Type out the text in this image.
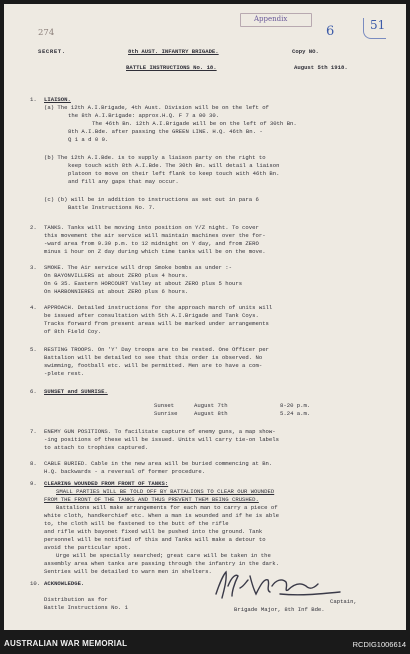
274
Appendix
6	51
SECRET.	8th AUST. INFANTRY BRIGADE.	Copy NO.
August 5th 1918.
BATTLE INSTRUCTIONS No. 18.
1. LIAISON.
(a) The 12th A.I.Brigade, 4th Aust. Division will be on the left of
the 8th A.I.Brigade: approx.H.Q. F 7 a 00 30.
The 46th Bn. 12th A.I.Brigade will be on the left of 30th Bn.
8th A.I.Bde. after passing the GREEN LINE. H.Q. 46th Bn. -
Q 1 a d 0 0.
(b) The 12th A.I.Bde. is to supply a liaison party on the right to
keep touch with 8th A.I.Bde. The 30th Bn. will detail a liaison
platoon to move on their left flank to keep touch with 46th Bn.
and fill any gaps that may occur.
(c) (b) will be in addition to instructions as set out in para 6
Battle Instructions No. 7.
2. TANKS. Tanks will be moving into position on Y/Z night. To cover
this movement the air service will maintain machines over the for-
-ward area from 9.30 p.m. to 12 midnight on Y day, and from ZERO
minus 1 hour on Z day during which time tanks will be on the move.
3. SMOKE. The Air service will drop Smoke bombs as under :-
On BAYONVILLERS at about ZERO plus 4 hours.
On G 35. Eastern HORCOURT Valley at about ZERO plus 5 hours
On HARBONNIERES at about ZERO plus 6 hours.
4. APPROACH. Detailed instructions for the approach march of units will
be issued after consultation with 5th A.I.Brigade and Tank Coys.
Tracks forward from present areas will be marked under arrangements
of 8th Field Coy.
5. RESTING TROOPS. On 'Y' Day troops are to be rested. One Officer per
Battalion will be detailed to see that this order is observed. No
swimming, football etc. will be permitted. Men are to have a com-
-plete rest.
6. SUNSET and SUNRISE.
Sunset	August 7th	8-20 p.m.
Sunrise	August 8th	5.24 a.m.
7. ENEMY GUN POSITIONS. To facilitate capture of enemy guns, a map show-
-ing positions of these will be issued. Units will carry tie-on labels
to attach to trophies captured.
8. CABLE BURIED. Cable in the new area will be buried commencing at Bn.
H.Q. backwards - a reversal of former procedure.
9. CLEARING WOUNDED FROM FRONT OF TANKS:
SMALL PARTIES WILL BE TOLD OFF BY BATTALIONS TO CLEAR OUR WOUNDED
FROM THE FRONT OF THE TANKS AND THUS PREVENT THEM BEING CRUSHED.
Battalions will make arrangements for each man to carry a piece of
white cloth, handkerchief etc. When a man is wounded and if he is able
to, the cloth will be fastened to the butt of the rifle
and rifle with bayonet fixed will be pushed into the ground. Tank
personnel will be notified of this and Tanks will make a detour to
avoid the particular spot.
Urge will be specially searched; great care will be taken in the
assembly area when tanks are passing through the infantry in the dark.
Sentries will be detailed to warn men in shelters.
10. ACKNOWLEDGE.
Distribution as for
Battle Instructions No. 1
Captain,
Brigade Major, 8th Inf Bde.
AUSTRALIAN WAR MEMORIAL	RCDIG1006614
